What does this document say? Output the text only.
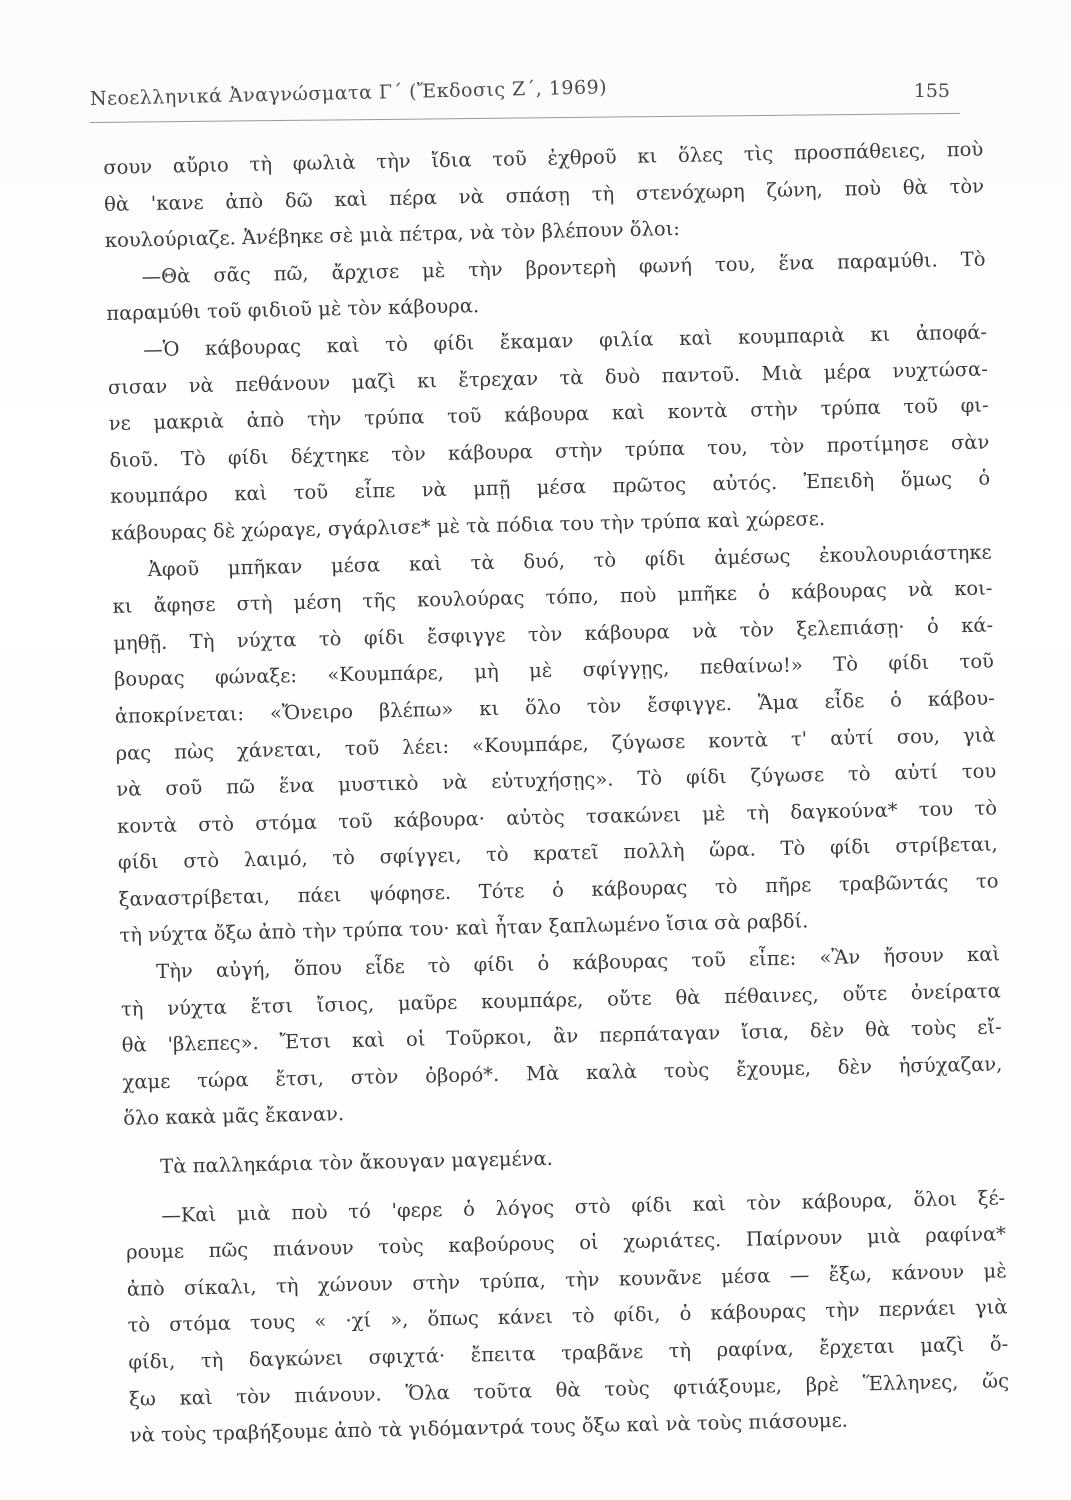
Νεοελληνικά Ἀναγνώσματα Γ΄ (Ἔκδοσις Ζ΄, 1969)	155
σουν αὔριο τὴ φωλιὰ τὴν ἴδια τοῦ ἐχθροῦ κι ὅλες τὶς προσπάθειες, ποὺ
θὰ 'κανε ἀπὸ δῶ καὶ πέρα νὰ σπάσῃ τὴ στενόχωρη ζώνη, ποὺ θὰ τὸν
κουλούριαζε. Ἀνέβηκε σὲ μιὰ πέτρα, νὰ τὸν βλέπουν ὅλοι:
—Θὰ σᾶς πῶ, ἄρχισε μὲ τὴν βροντερὴ φωνή του, ἕνα παραμύθι. Τὸ
παραμύθι τοῦ φιδιοῦ μὲ τὸν κάβουρα.
—Ὁ κάβουρας καὶ τὸ φίδι ἔκαμαν φιλία καὶ κουμπαριὰ κι ἀποφά-
σισαν νὰ πεθάνουν μαζὶ κι ἔτρεχαν τὰ δυὸ παντοῦ. Μιὰ μέρα νυχτώσα-
νε μακριὰ ἀπὸ τὴν τρύπα τοῦ κάβουρα καὶ κοντὰ στὴν τρύπα τοῦ φι-
διοῦ. Τὸ φίδι δέχτηκε τὸν κάβουρα στὴν τρύπα του, τὸν προτίμησε σὰν
κουμπάρο καὶ τοῦ εἶπε νὰ μπῇ μέσα πρῶτος αὐτός. Ἐπειδὴ ὅμως ὁ
κάβουρας δὲ χώραγε, σγάρλισε* μὲ τὰ πόδια του τὴν τρύπα καὶ χώρεσε.
Ἀφοῦ μπῆκαν μέσα καὶ τὰ δυό, τὸ φίδι ἀμέσως ἐκουλουριάστηκε
κι ἄφησε στὴ μέση τῆς κουλούρας τόπο, ποὺ μπῆκε ὁ κάβουρας νὰ κοι-
μηθῇ. Τὴ νύχτα τὸ φίδι ἔσφιγγε τὸν κάβουρα νὰ τὸν ξελεπιάσῃ· ὁ κά-
βουρας φώναξε: «Κουμπάρε, μὴ μὲ σφίγγῃς, πεθαίνω!» Τὸ φίδι τοῦ
ἀποκρίνεται: «Ὄνειρο βλέπω» κι ὅλο τὸν ἔσφιγγε. Ἅμα εἶδε ὁ κάβου-
ρας πὼς χάνεται, τοῦ λέει: «Κουμπάρε, ζύγωσε κοντὰ τ' αὐτί σου, γιὰ
νὰ σοῦ πῶ ἕνα μυστικὸ νὰ εὐτυχήσῃς». Τὸ φίδι ζύγωσε τὸ αὐτί του
κοντὰ στὸ στόμα τοῦ κάβουρα· αὐτὸς τσακώνει μὲ τὴ δαγκούνα* του τὸ
φίδι στὸ λαιμό, τὸ σφίγγει, τὸ κρατεῖ πολλὴ ὥρα. Τὸ φίδι στρίβεται,
ξαναστρίβεται, πάει ψόφησε. Τότε ὁ κάβουρας τὸ πῆρε τραβῶντάς το
τὴ νύχτα ὄξω ἀπὸ τὴν τρύπα του· καὶ ἦταν ξαπλωμένο ἴσια σὰ ραβδί.
Τὴν αὐγή, ὅπου εἶδε τὸ φίδι ὁ κάβουρας τοῦ εἶπε: «Ἂν ἤσουν καὶ
τὴ νύχτα ἔτσι ἴσιος, μαῦρε κουμπάρε, οὔτε θὰ πέθαινες, οὔτε ὀνείρατα
θὰ 'βλεπες». Ἔτσι καὶ οἱ Τοῦρκοι, ἂν περπάταγαν ἴσια, δὲν θὰ τοὺς εἴ-
χαμε τώρα ἔτσι, στὸν ὀβορό*. Μὰ καλὰ τοὺς ἔχουμε, δὲν ἡσύχαζαν,
ὅλο κακὰ μᾶς ἔκαναν.
Τὰ παλληκάρια τὸν ἄκουγαν μαγεμένα.
—Καὶ μιὰ ποὺ τό 'φερε ὁ λόγος στὸ φίδι καὶ τὸν κάβουρα, ὅλοι ξέ-
ρουμε πῶς πιάνουν τοὺς καβούρους οἱ χωριάτες. Παίρνουν μιὰ ραφίνα*
ἀπὸ σίκαλι, τὴ χώνουν στὴν τρύπα, τὴν κουνᾶνε μέσα — ἔξω, κάνουν μὲ
τὸ στόμα τους « ·χί », ὅπως κάνει τὸ φίδι, ὁ κάβουρας τὴν περνάει γιὰ
φίδι, τὴ δαγκώνει σφιχτά· ἔπειτα τραβᾶνε τὴ ραφίνα, ἔρχεται μαζὶ ὄ-
ξω καὶ τὸν πιάνουν. Ὅλα τοῦτα θὰ τοὺς φτιάξουμε, βρὲ Ἕλληνες, ὥς
νὰ τοὺς τραβήξουμε ἀπὸ τὰ γιδόμαντρά τους ὄξω καὶ νὰ τοὺς πιάσουμε.
